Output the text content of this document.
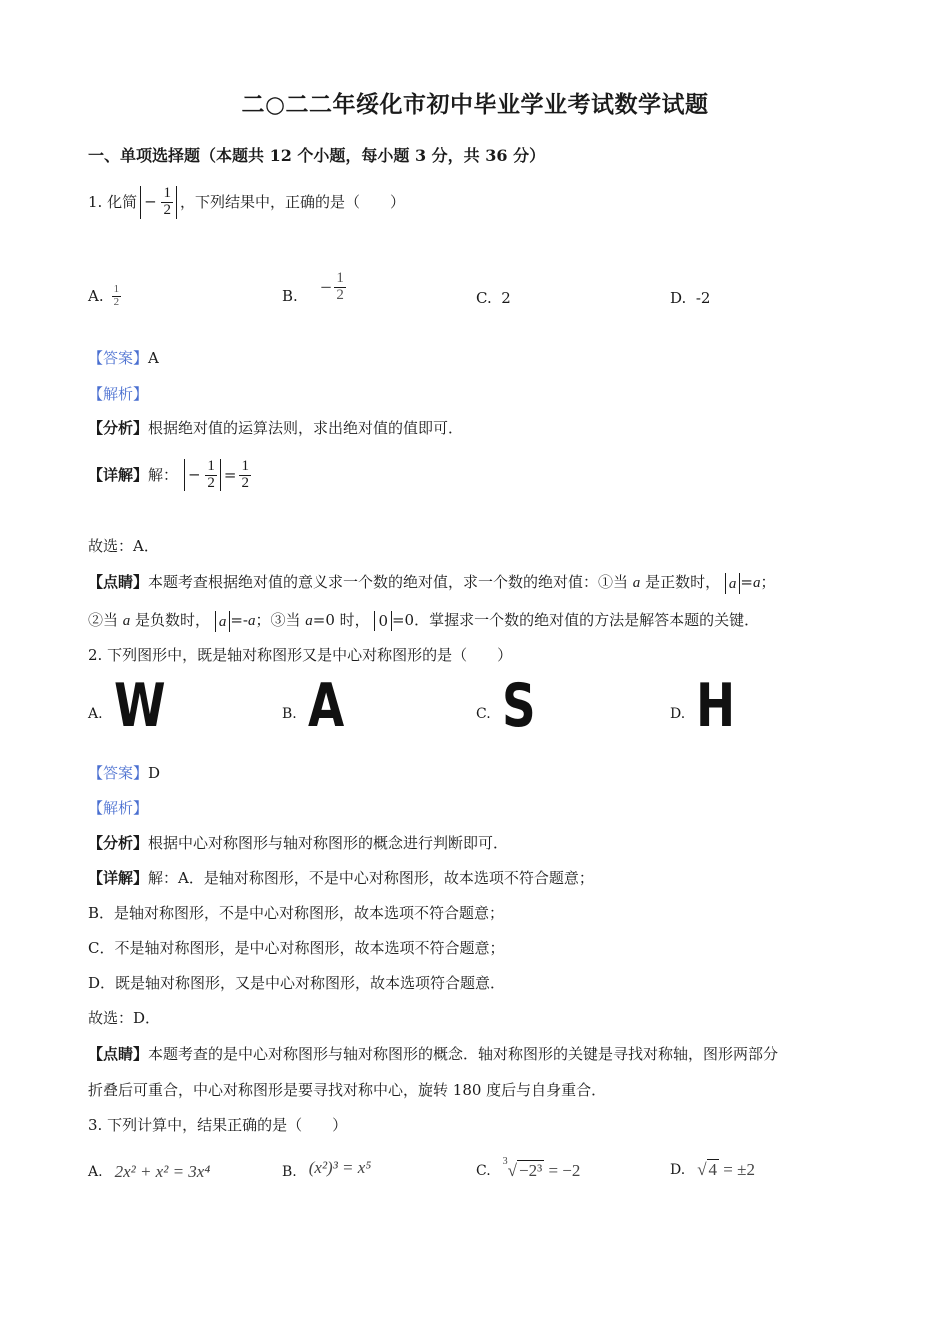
二○二二年绥化市初中毕业学业考试数学试题
一、单项选择题（本题共 12 个小题，每小题 3 分，共 36 分）
1. 化简 − $\frac{1}{2}$ ，下列结果中，正确的是（　　）
A. $\frac{1}{2}$	B. − $\frac{1}{2}$	C. 2	D. -2
【答案】A
【解析】
【分析】根据绝对值的运算法则，求出绝对值的值即可．
【详解】 解： − $\frac{1}{2} = \frac{1}{2}$
故选：A．
【点睛】本题考查根据绝对值的意义求一个数的绝对值，求一个数的绝对值：①当 a 是正数时， a =a；
②当 a 是负数时， a =-a；③当 a=0 时， 0 =0．掌握求一个数的绝对值的方法是解答本题的关键．
2. 下列图形中，既是轴对称图形又是中心对称图形的是（　　）
A. W	B. A	C. S	D. H
【答案】D
【解析】
【分析】根据中心对称图形与轴对称图形的概念进行判断即可．
【详解】解：A．是轴对称图形，不是中心对称图形，故本选项不符合题意；
B．是轴对称图形，不是中心对称图形，故本选项不符合题意；
C．不是轴对称图形，是中心对称图形，故本选项不符合题意；
D．既是轴对称图形，又是中心对称图形，故本选项符合题意．
故选：D．
【点睛】本题考查的是中心对称图形与轴对称图形的概念．轴对称图形的关键是寻找对称轴，图形两部分
折叠后可重合，中心对称图形是要寻找对称中心，旋转 180 度后与自身重合．
3. 下列计算中，结果正确的是（　　）
A. 2x² + x² = 3x⁴	B. (x²)³ = x⁵	C.
$^3$√ −2³ = −2	D. √ 4 = ±2
